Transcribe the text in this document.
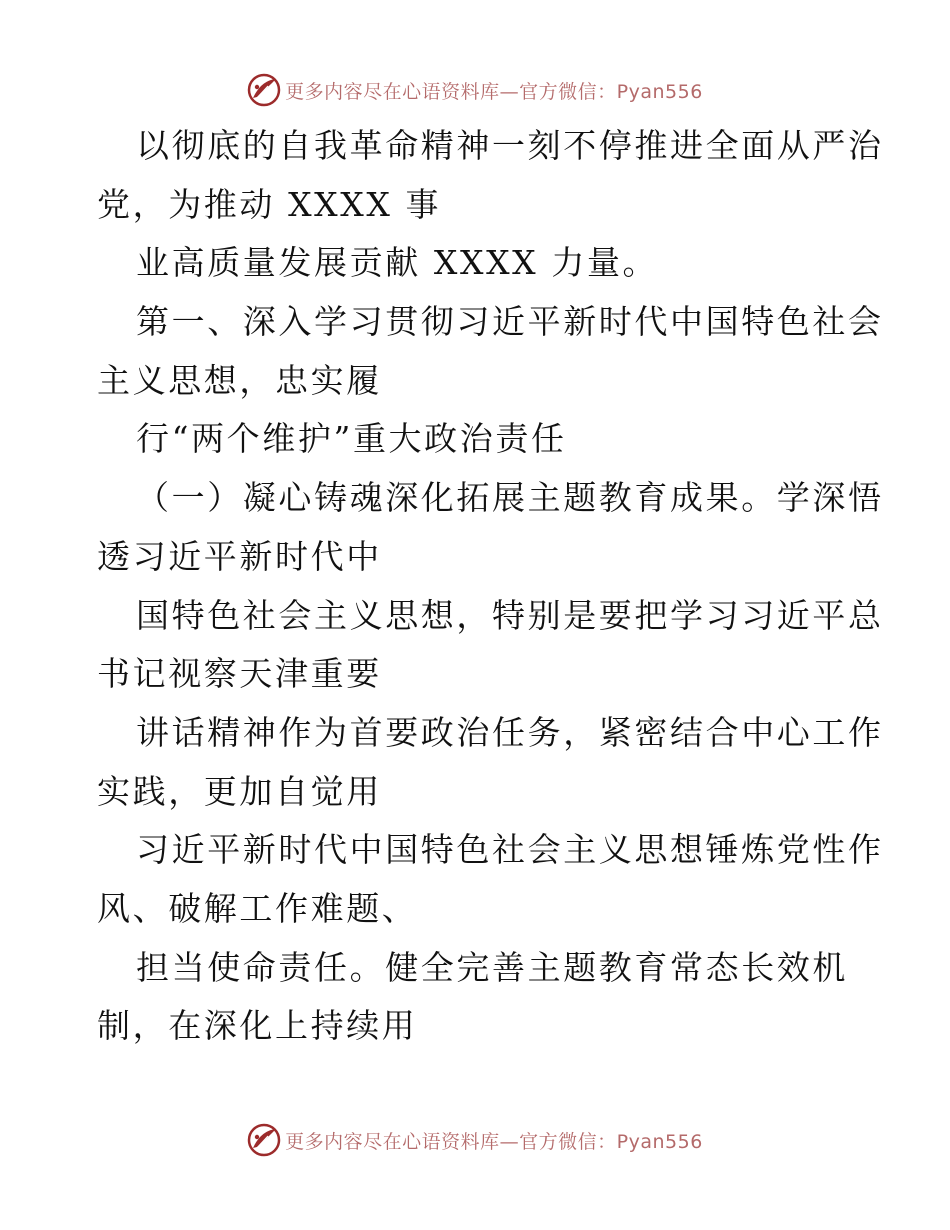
更多内容尽在心语资料库—官方微信：Pyan556
以彻底的自我革命精神一刻不停推进全面从严治
党，为推动 XXXX 事
业高质量发展贡献 XXXX 力量。
第一、深入学习贯彻习近平新时代中国特色社会
主义思想，忠实履
行“两个维护”重大政治责任
（一）凝心铸魂深化拓展主题教育成果。学深悟
透习近平新时代中
国特色社会主义思想，特别是要把学习习近平总
书记视察天津重要
讲话精神作为首要政治任务，紧密结合中心工作
实践，更加自觉用
习近平新时代中国特色社会主义思想锤炼党性作
风、破解工作难题、
担当使命责任。健全完善主题教育常态长效机
制，在深化上持续用
更多内容尽在心语资料库—官方微信：Pyan556
